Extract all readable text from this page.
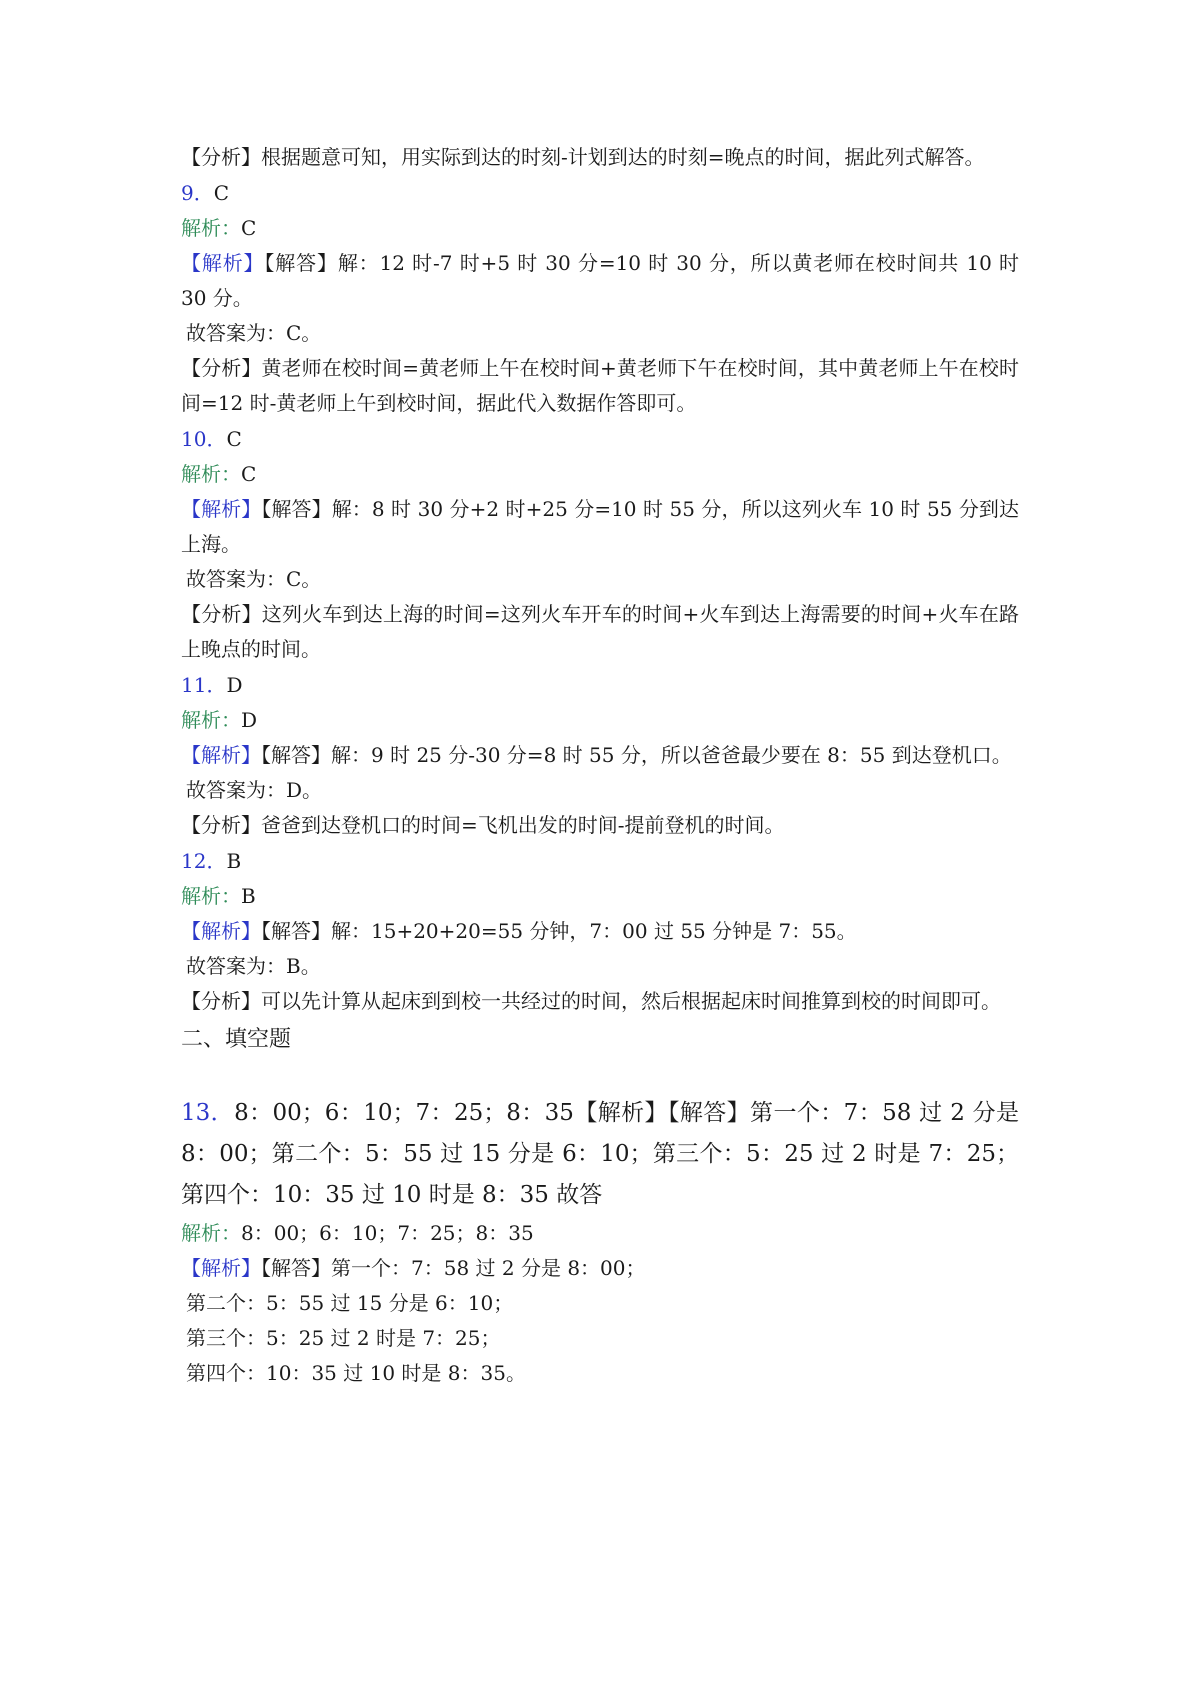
【分析】根据题意可知，用实际到达的时刻-计划到达的时刻=晚点的时间，据此列式解答。
9．C
解析：C
【解析】【解答】解：12 时-7 时+5 时 30 分=10 时 30 分，所以黄老师在校时间共 10 时 30 分。
故答案为：C。
【分析】黄老师在校时间=黄老师上午在校时间+黄老师下午在校时间，其中黄老师上午在校时间=12 时-黄老师上午到校时间，据此代入数据作答即可。
10．C
解析：C
【解析】【解答】解：8 时 30 分+2 时+25 分=10 时 55 分，所以这列火车 10 时 55 分到达上海。
故答案为：C。
【分析】这列火车到达上海的时间=这列火车开车的时间+火车到达上海需要的时间+火车在路上晚点的时间。
11．D
解析：D
【解析】【解答】解：9 时 25 分-30 分=8 时 55 分，所以爸爸最少要在 8：55 到达登机口。
故答案为：D。
【分析】爸爸到达登机口的时间=飞机出发的时间-提前登机的时间。
12．B
解析：B
【解析】【解答】解：15+20+20=55 分钟，7：00 过 55 分钟是 7：55。
故答案为：B。
【分析】可以先计算从起床到到校一共经过的时间，然后根据起床时间推算到校的时间即可。
二、填空题
13．8：00；6：10；7：25；8：35【解析】【解答】第一个：7：58 过 2 分是 8：00；第二个：5：55 过 15 分是 6：10；第三个：5：25 过 2 时是 7：25；第四个：10：35 过 10 时是 8：35 故答
解析：8：00；6：10；7：25；8：35
【解析】【解答】第一个：7：58 过 2 分是 8：00；
第二个：5：55 过 15 分是 6：10；
第三个：5：25 过 2 时是 7：25；
第四个：10：35 过 10 时是 8：35。
